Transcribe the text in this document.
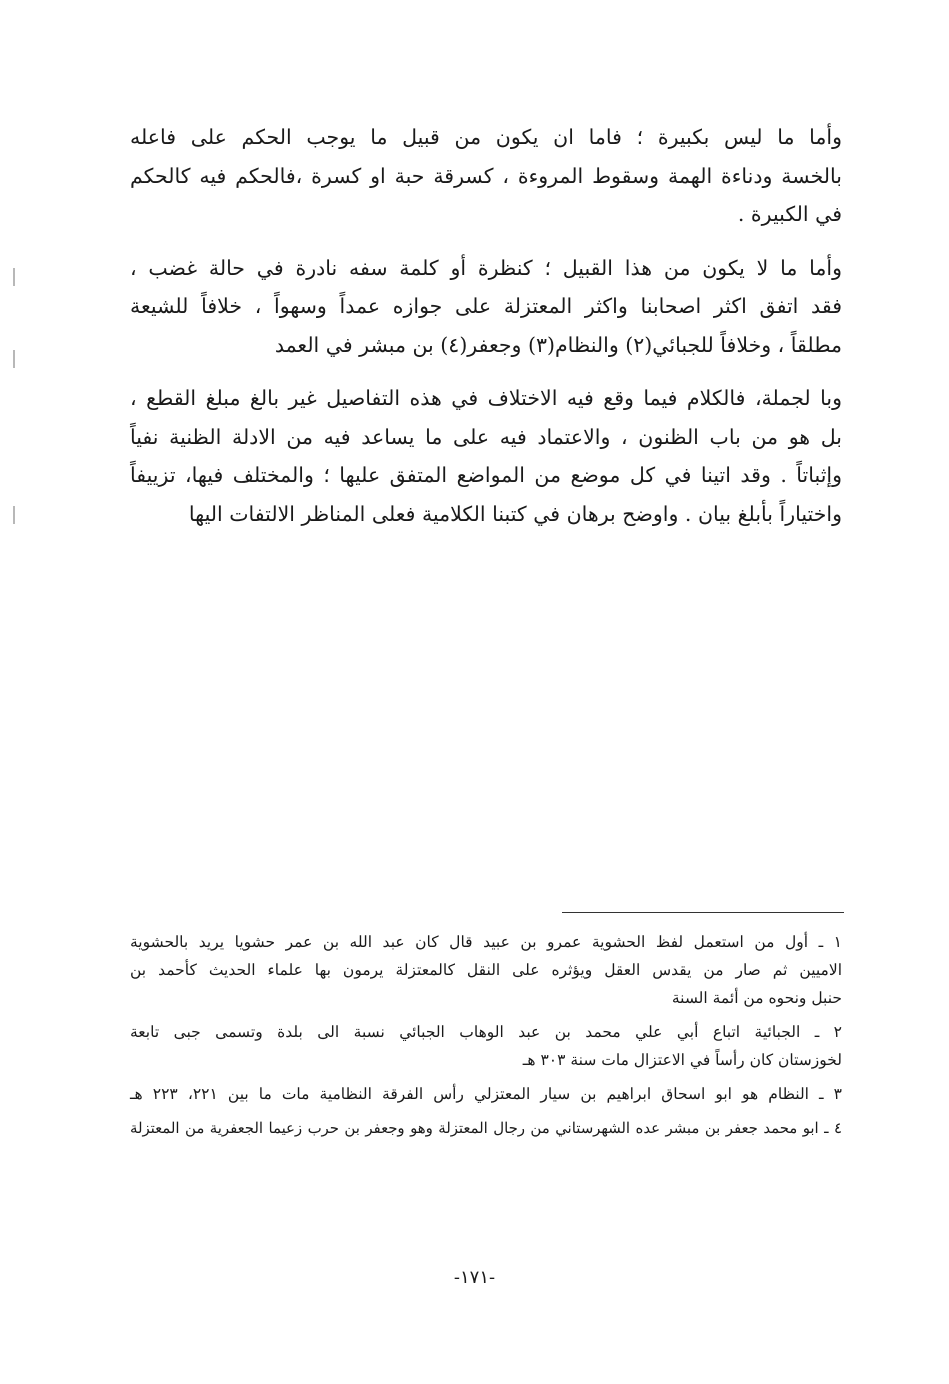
وأما ما ليس بكبيرة ؛ فاما ان يكون من قبيل ما يوجب الحكم على فاعله
بالخسة ودناءة الهمة وسقوط المروءة ، كسرقة حبة او كسرة ،فالحكم فيه كالحكم
في الكبيرة .

وأما ما لا يكون من هذا القبيل ؛ كنظرة أو كلمة سفه نادرة في حالة غضب ،
فقد اتفق اكثر اصحابنا واكثر المعتزلة على جوازه عمداً وسهواً ، خلافاً للشيعة
مطلقاً ، وخلافاً للجبائي(٢) والنظام(٣) وجعفر(٤) بن مبشر في العمد

وبا لجملة، فالكلام فيما وقع فيه الاختلاف في هذه التفاصيل غير بالغ مبلغ القطع ،
بل هو من باب الظنون ، والاعتماد فيه على ما يساعد فيه من الادلة الظنية نفياً
وإثباتاً . وقد اتينا في كل موضع من المواضع المتفق عليها ؛ والمختلف فيها، تزييفاً
واختياراً بأبلغ بيان . واوضح برهان في كتبنا الكلامية فعلى المناظر الالتفات اليها

١ ـ أول من استعمل لفظ الحشوية عمرو بن عبيد قال كان عبد الله بن عمر حشويا يريد بالحشوية
الاميين ثم صار من يقدس العقل ويؤثره على النقل كالمعتزلة يرمون بها علماء الحديث كأحمد بن
حنبل ونحوه من أئمة السنة
٢ ـ الجبائية اتباع أبي علي محمد بن عبد الوهاب الجبائي نسبة الى بلدة وتسمى جبى تابعة
لخوزستان كان رأساً في الاعتزال مات سنة ٣٠٣ هـ
٣ ـ النظام هو ابو اسحاق ابراهيم بن سيار المعتزلي رأس الفرقة النظامية مات ما بين ٢٢١، ٢٢٣ هـ
٤ ـ ابو محمد جعفر بن مبشر عده الشهرستاني من رجال المعتزلة وهو وجعفر بن حرب زعيما الجعفرية من المعتزلة
-١٧١-
